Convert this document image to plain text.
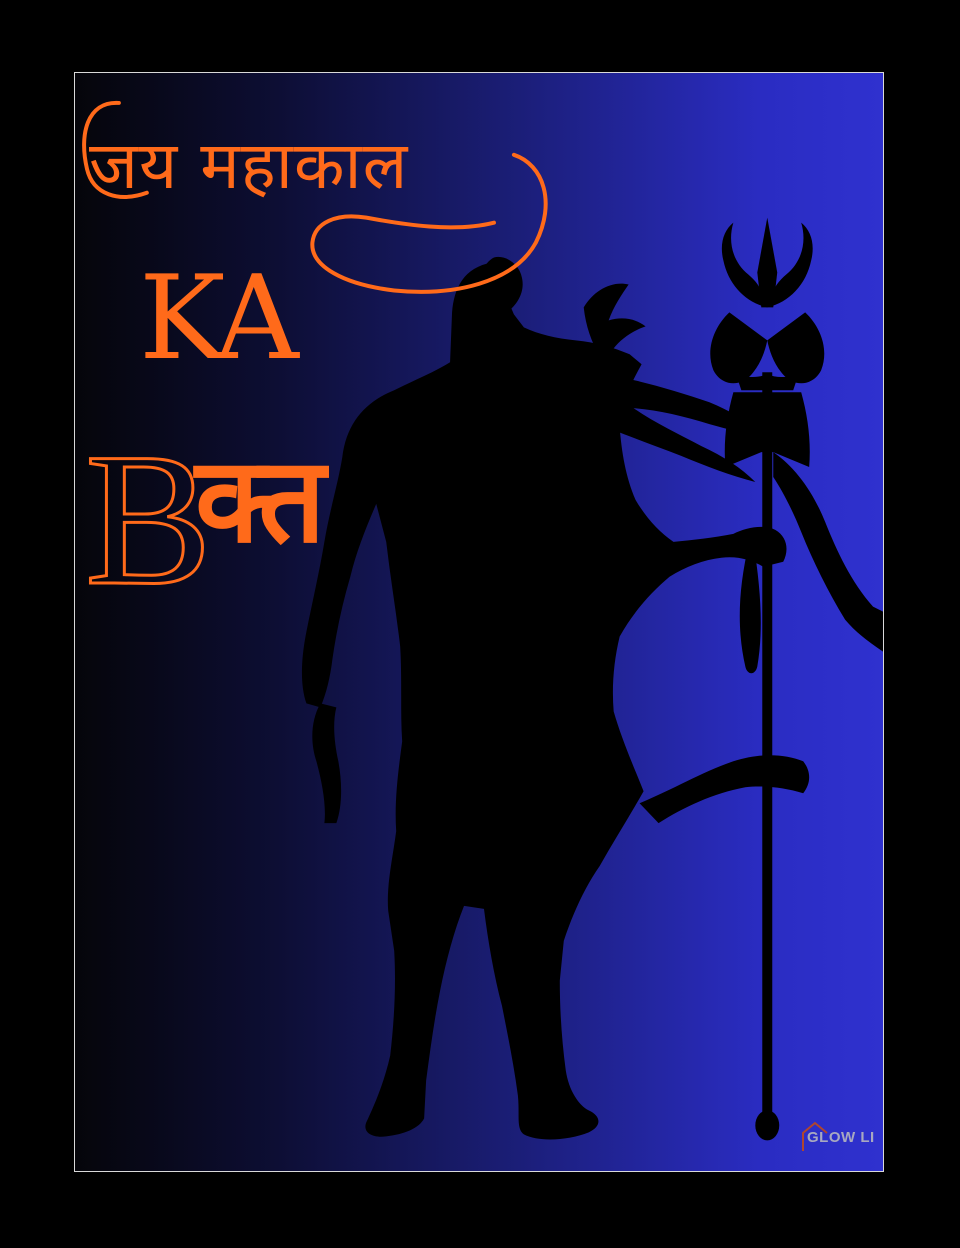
जय महाकाल
KA
B
क्त
GLOW LI
